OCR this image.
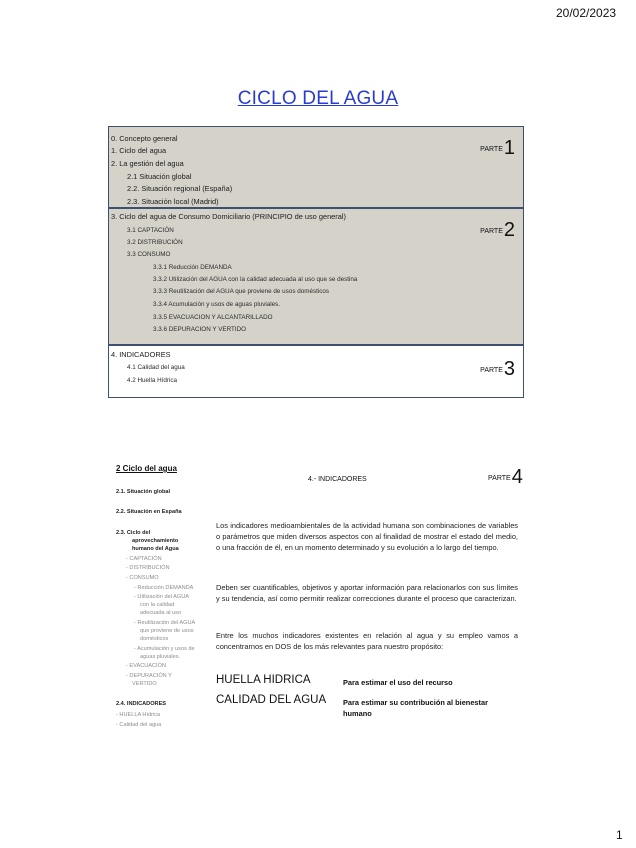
20/02/2023
CICLO DEL AGUA
0. Concepto general
1. Ciclo del agua
2. La gestión del agua
2.1 Situación global
2.2. Situación regional (España)
2.3. Situación local (Madrid)
PARTE1
3. Ciclo del agua de Consumo Domiciliario (PRINCIPIO de uso general)
3.1 CAPTACIÓN
3.2 DISTRIBUCIÓN
3.3 CONSUMO
3.3.1 Reducción DEMANDA
3.3.2 Utilización del AGUA con la calidad adecuada al uso que se destina
3.3.3 Reutilización del AGUA que proviene de usos domésticos
3.3.4 Acumulación y usos de aguas pluviales.
3.3.5 EVACUACION Y ALCANTARILLADO
3.3.6 DEPURACION Y VERTIDO
PARTE2
4. INDICADORES
4.1 Calidad del agua
4.2 Huella Hídrica
PARTE3
2 Ciclo del agua
2.1. Situación global
2.2. Situación en España
2.3. Ciclo del
aprovechamiento
humano del Agua
- CAPTACIÓN
- DISTRIBUCIÓN
- CONSUMO
- Reducción DEMANDA
- Utilización del AGUA
con la calidad
adecuada al uso
- Reutilización del AGUA
que proviene de usos
domésticos
- Acumulación y usos de
aguas pluviales.
- EVACUACIÓN
- DEPURACIÓN Y
VERTIDO
2.4. INDICADORES
- HUELLA Hídrica
- Calidad del agua
4.- INDICADORES	PARTE4
Los indicadores medioambientales de la actividad humana son combinaciones de variables o parámetros que miden diversos aspectos con al finalidad de mostrar el estado del medio, o una fracción de él, en un momento determinado y su evolución a lo largo del tiempo.
Deben ser cuantificables, objetivos y aportar información para relacionarlos con sus límites y su tendencia, así como permitir realizar correcciones durante el proceso que caracterizan.
Entre los muchos indicadores existentes en relación al agua y su empleo vamos a concentrarnos en DOS de los más relevantes para nuestro propósito:
HUELLA HIDRICA	Para estimar el uso del recurso
CALIDAD DEL AGUA Para estimar su contribución al bienestar humano
1
